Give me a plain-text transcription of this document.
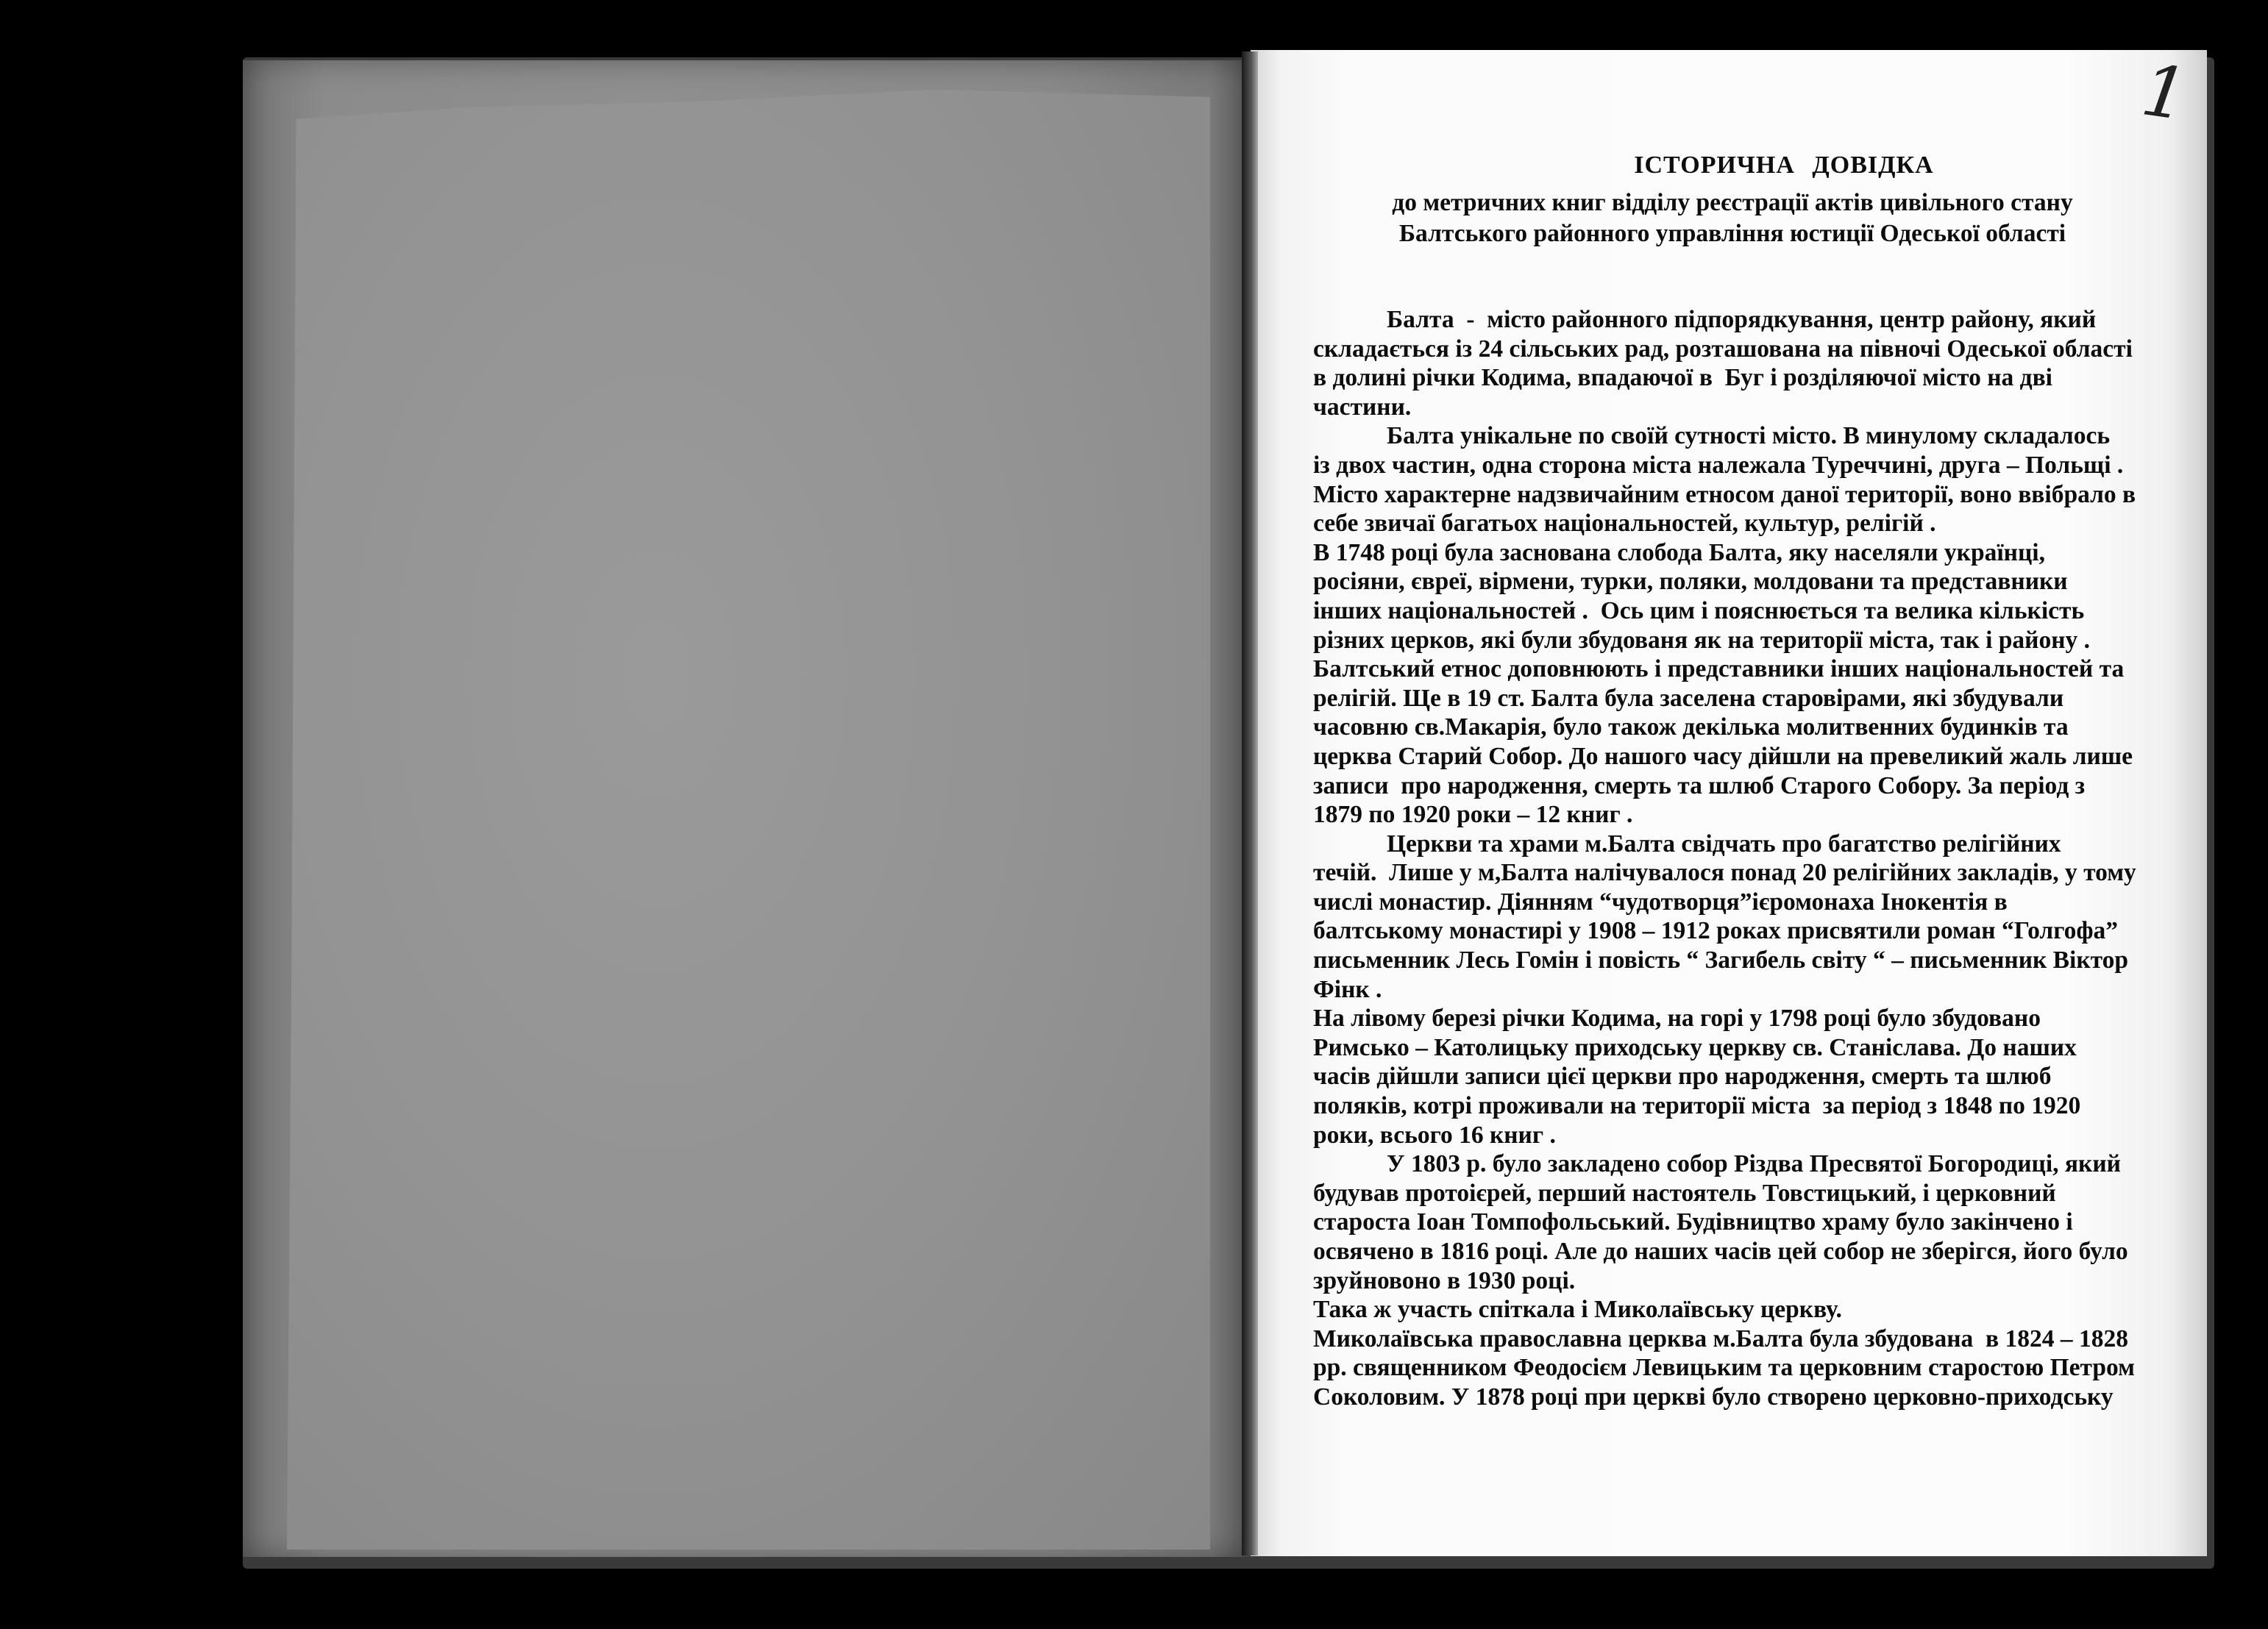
1
ІСТОРИЧНА ДОВІДКА
до метричних книг відділу реєстрації актів цивільного стану
Балтського районного управління юстиції Одеської області

Балта  -  місто районного підпорядкування, центр району, який

складається із 24 сільських рад, розташована на півночі Одеської області

в долині річки Кодима, впадаючої в  Буг і розділяючої місто на дві

частини.

Балта унікальне по своїй сутності місто. В минулому складалось

із двох частин, одна сторона міста належала Туреччині, друга – Польщі .

Місто характерне надзвичайним етносом даної території, воно ввібрало в

себе звичаї багатьох національностей, культур, релігій .

В 1748 році була заснована слобода Балта, яку населяли українці,

росіяни, євреї, вірмени, турки, поляки, молдовани та представники

інших національностей .  Ось цим і пояснюється та велика кількість

різних церков, які були збудованя як на території міста, так і району .

Балтський етнос доповнюють і представники інших національностей та

релігій. Ще в 19 ст. Балта була заселена старовірами, які збудували

часовню св.Макарія, було також декілька молитвенних будинків та

церква Старий Собор. До нашого часу дійшли на превеликий жаль лише

записи  про народження, смерть та шлюб Старого Собору. За період з

1879 по 1920 роки – 12 книг .

Церкви та храми м.Балта свідчать про багатство релігійних

течій.  Лише у м,Балта налічувалося понад 20 релігійних закладів, у тому

числі монастир. Діянням “чудотворця”ієромонаха Інокентія в

балтському монастирі у 1908 – 1912 роках присвятили роман “Голгофа”

письменник Лесь Гомін і повість “ Загибель світу “ – письменник Віктор

Фінк .

На лівому березі річки Кодима, на горі у 1798 році було збудовано

Римсько – Католицьку приходську церкву св. Станіслава. До наших

часів дійшли записи цієї церкви про народження, смерть та шлюб

поляків, котрі проживали на території міста  за період з 1848 по 1920

роки, всього 16 книг .

У 1803 р. було закладено собор Різдва Пресвятої Богородиці, який

будував протоієрей, перший настоятель Товстицький, і церковний

староста Іоан Томпофольський. Будівництво храму було закінчено і

освячено в 1816 році. Але до наших часів цей собор не зберігся, його було

зруйновоно в 1930 році.

Така ж участь спіткала і Миколаївську церкву.

Миколаївська православна церква м.Балта була збудована  в 1824 – 1828

рр. священником Феодосієм Левицьким та церковним старостою Петром

Соколовим. У 1878 році при церкві було створено церковно-приходську
